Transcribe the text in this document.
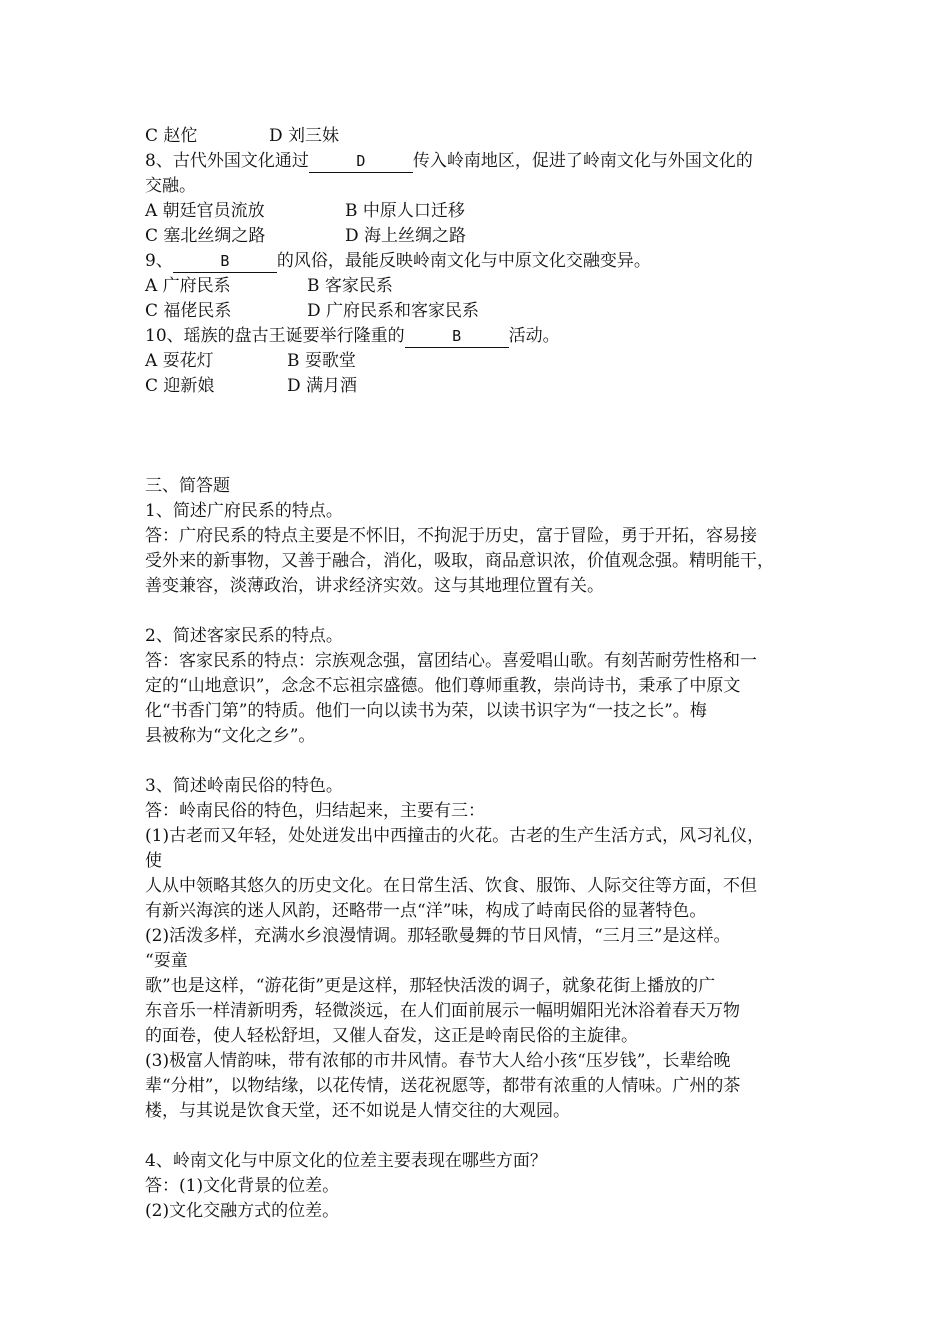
C 赵佗	D 刘三妹
8、古代外国文化通过	D	传入岭南地区，促进了岭南文化与外国文化的
交融。
A 朝廷官员流放	B 中原人口迁移
C 塞北丝绸之路	D 海上丝绸之路
9、	B	的风俗，最能反映岭南文化与中原文化交融变异。
A 广府民系	B 客家民系
C 福佬民系	D 广府民系和客家民系
10、瑶族的盘古王诞要举行隆重的	B	活动。
A 耍花灯	B 耍歌堂
C 迎新娘	D 满月酒
三、简答题
1、简述广府民系的特点。
答：广府民系的特点主要是不怀旧，不拘泥于历史，富于冒险，勇于开拓，容易接
受外来的新事物，又善于融合，消化，吸取，商品意识浓，价值观念强。精明能干，
善变兼容，淡薄政治，讲求经济实效。这与其地理位置有关。
2、简述客家民系的特点。
答：客家民系的特点：宗族观念强，富团结心。喜爱唱山歌。有刻苦耐劳性格和一
定的“山地意识”，念念不忘祖宗盛德。他们尊师重教，崇尚诗书，秉承了中原文
化“书香门第”的特质。他们一向以读书为荣，以读书识字为“一技之长”。梅
县被称为“文化之乡”。
3、简述岭南民俗的特色。
答：岭南民俗的特色，归结起来，主要有三：
(1)古老而又年轻，处处迸发出中西撞击的火花。古老的生产生活方式，风习礼仪，
使
人从中领略其悠久的历史文化。在日常生活、饮食、服饰、人际交往等方面，不但
有新兴海滨的迷人风韵，还略带一点“洋”味，构成了峙南民俗的显著特色。
(2)活泼多样，充满水乡浪漫情调。那轻歌曼舞的节日风情，“三月三”是这样。
“耍童
歌”也是这样，“游花街”更是这样，那轻快活泼的调子，就象花街上播放的广
东音乐一样清新明秀，轻微淡远，在人们面前展示一幅明媚阳光沐浴着春天万物
的面卷，使人轻松舒坦，又催人奋发，这正是岭南民俗的主旋律。
(3)极富人情韵味，带有浓郁的市井风情。春节大人给小孩“压岁钱”，长辈给晚
辈“分柑”，以物结缘，以花传情，送花祝愿等，都带有浓重的人情味。广州的茶
楼，与其说是饮食天堂，还不如说是人情交往的大观园。
4、岭南文化与中原文化的位差主要表现在哪些方面？
答：(1)文化背景的位差。
(2)文化交融方式的位差。
